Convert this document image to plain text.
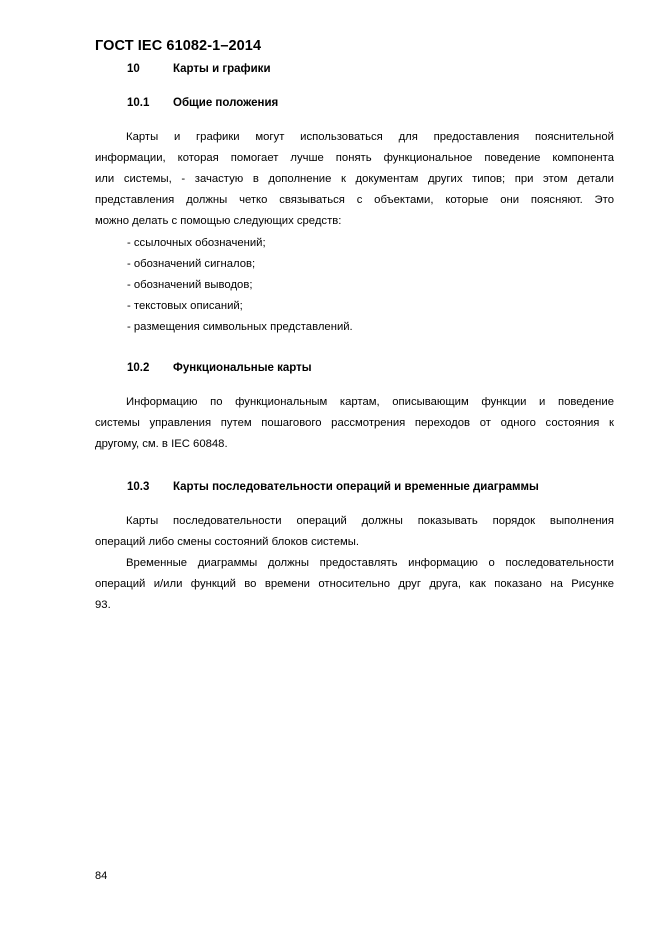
ГОСТ IEC 61082-1–2014
10	Карты и графики
10.1 Общие положения
Карты и графики могут использоваться для предоставления пояснительной
информации, которая помогает лучше понять функциональное поведение компонента
или системы, - зачастую в дополнение к документам других типов; при этом детали
представления должны четко связываться с объектами, которые они поясняют. Это
можно делать с помощью следующих средств:
- ссылочных обозначений;
- обозначений сигналов;
- обозначений выводов;
- текстовых описаний;
- размещения символьных представлений.
10.2 Функциональные карты
Информацию по функциональным картам, описывающим функции и поведение
системы управления путем пошагового рассмотрения переходов от одного состояния к
другому, см. в IEC 60848.
10.3 Карты последовательности операций и временные диаграммы
Карты последовательности операций должны показывать порядок выполнения
операций либо смены состояний блоков системы.
Временные диаграммы должны предоставлять информацию о последовательности
операций и/или функций во времени относительно друг друга, как показано на Рисунке
93.
84
